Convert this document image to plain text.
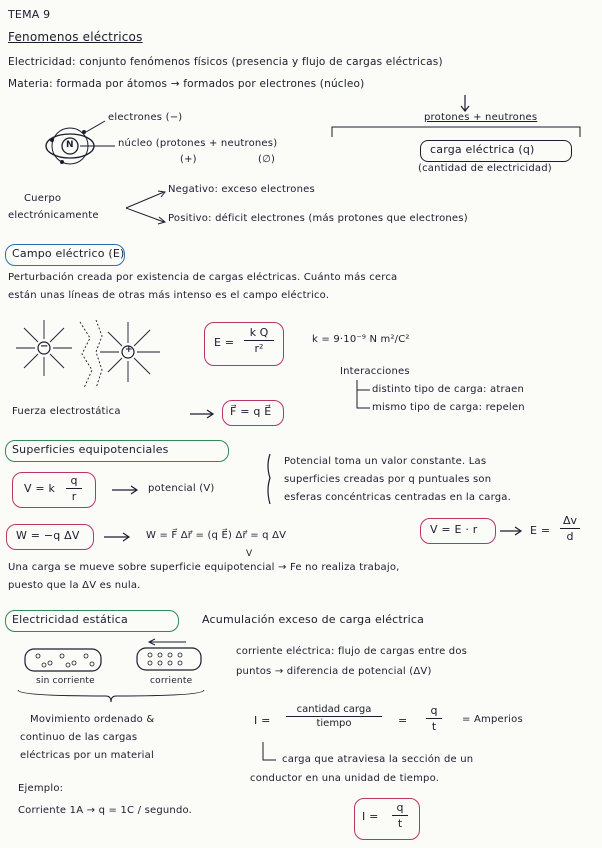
TEMA 9
Fenomenos eléctricos
Electricidad: conjunto fenómenos físicos (presencia y flujo de cargas eléctricas)
Materia: formada por átomos → formados por electrones (núcleo)
N
electrones (−)
núcleo (protones + neutrones)
(+)	(∅)
protones + neutrones
carga eléctrica (q)
(cantidad de electricidad)
Cuerpo
electrónicamente
Negativo: exceso electrones
Positivo: déficit electrones (más protones que electrones)
Campo eléctrico (E)
Perturbación creada por existencia de cargas eléctricas. Cuánto más cerca
están unas líneas de otras más intenso es el campo eléctrico.
−	+
E =
k Q
r²
k = 9·10⁻⁹ N m²/C²
Interacciones
distinto tipo de carga: atraen
mismo tipo de carga: repelen
Fuerza electrostática	F⃗ = q E⃗
Superficies equipotenciales
V = k
q
r
potencial (V)
Potencial toma un valor constante. Las
superficies creadas por q puntuales son
esferas concéntricas centradas en la carga.
W = −q ΔV	W = F⃗ Δr⃗ = (q E⃗) Δr⃗ = q ΔV
V
V = E · r	E =
Δv
d
Una carga se mueve sobre superficie equipotencial → Fe no realiza trabajo,
puesto que la ΔV es nula.
Electricidad estática	Acumulación exceso de carga eléctrica
sin corriente	corriente
corriente eléctrica: flujo de cargas entre dos
puntos → diferencia de potencial (ΔV)
Movimiento ordenado &
continuo de las cargas
eléctricas por un material
I =
cantidad carga
tiempo	=
q
t
= Amperios
carga que atraviesa la sección de un
conductor en una unidad de tiempo.
Ejemplo:
Corriente 1A → q = 1C / segundo.	I =
q
t
